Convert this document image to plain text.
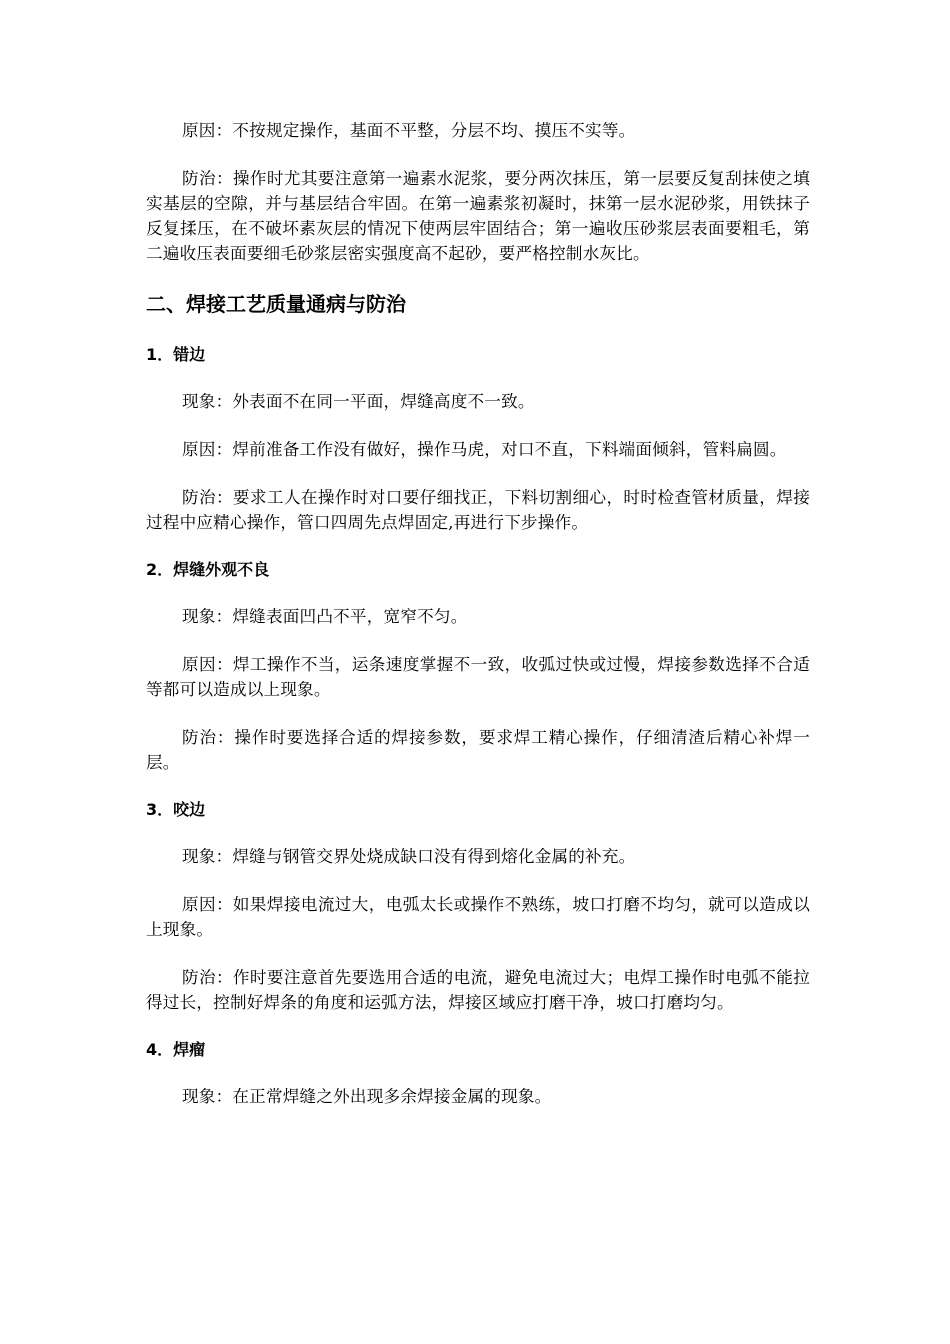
原因：不按规定操作，基面不平整，分层不均、摸压不实等。

防治：操作时尤其要注意第一遍素水泥浆，要分两次抹压，第一层要反复刮抹使之填实基层的空隙，并与基层结合牢固。在第一遍素浆初凝时，抹第一层水泥砂浆，用铁抹子反复揉压，在不破坏素灰层的情况下使两层牢固结合；第一遍收压砂浆层表面要粗毛，第二遍收压表面要细毛砂浆层密实强度高不起砂，要严格控制水灰比。

二、焊接工艺质量通病与防治
1．错边

现象：外表面不在同一平面，焊缝高度不一致。

原因：焊前准备工作没有做好，操作马虎，对口不直，下料端面倾斜，管料扁圆。

防治：要求工人在操作时对口要仔细找正，下料切割细心，时时检查管材质量，焊接过程中应精心操作，管口四周先点焊固定,再进行下步操作。

2．焊缝外观不良

现象：焊缝表面凹凸不平，宽窄不匀。

原因：焊工操作不当，运条速度掌握不一致，收弧过快或过慢，焊接参数选择不合适等都可以造成以上现象。

防治：操作时要选择合适的焊接参数，要求焊工精心操作，仔细清渣后精心补焊一层。

3．咬边

现象：焊缝与钢管交界处烧成缺口没有得到熔化金属的补充。

原因：如果焊接电流过大，电弧太长或操作不熟练，坡口打磨不均匀，就可以造成以上现象。

防治：作时要注意首先要选用合适的电流，避免电流过大；电焊工操作时电弧不能拉得过长，控制好焊条的角度和运弧方法，焊接区域应打磨干净，坡口打磨均匀。

4．焊瘤

现象：在正常焊缝之外出现多余焊接金属的现象。
